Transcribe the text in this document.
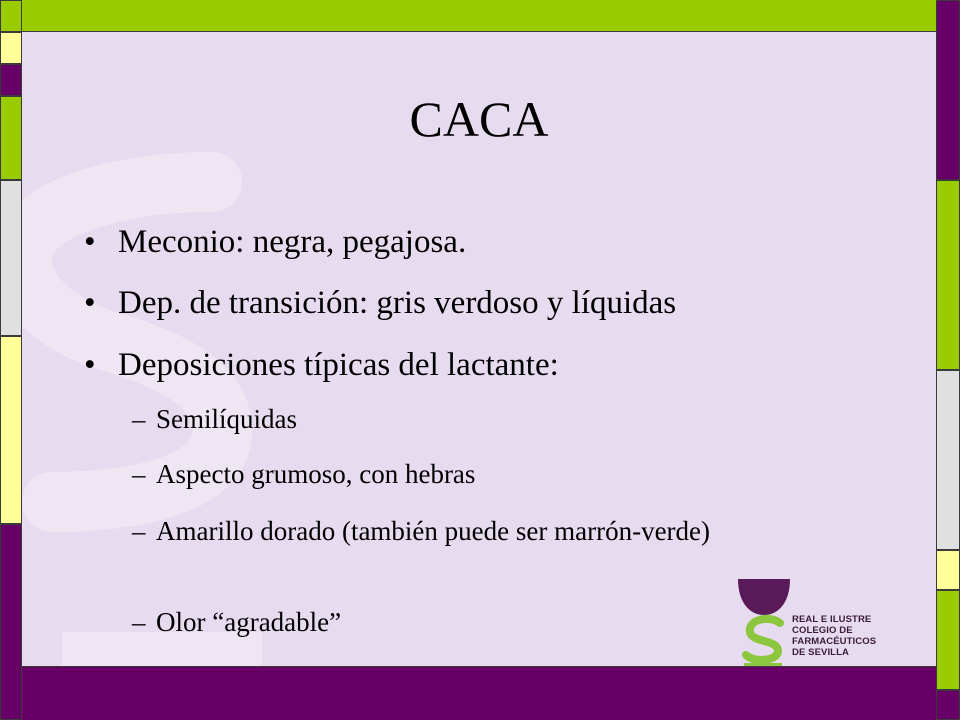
CACA
• Meconio: negra, pegajosa.
• Dep. de transición: gris verdoso y líquidas
• Deposiciones típicas del lactante:
– Semilíquidas
– Aspecto grumoso, con hebras
– Amarillo dorado (también puede ser marrón-verde)
– Olor “agradable”	REAL E ILUSTRE
COLEGIO DE FARMACÉUTICOS
DE SEVILLA
